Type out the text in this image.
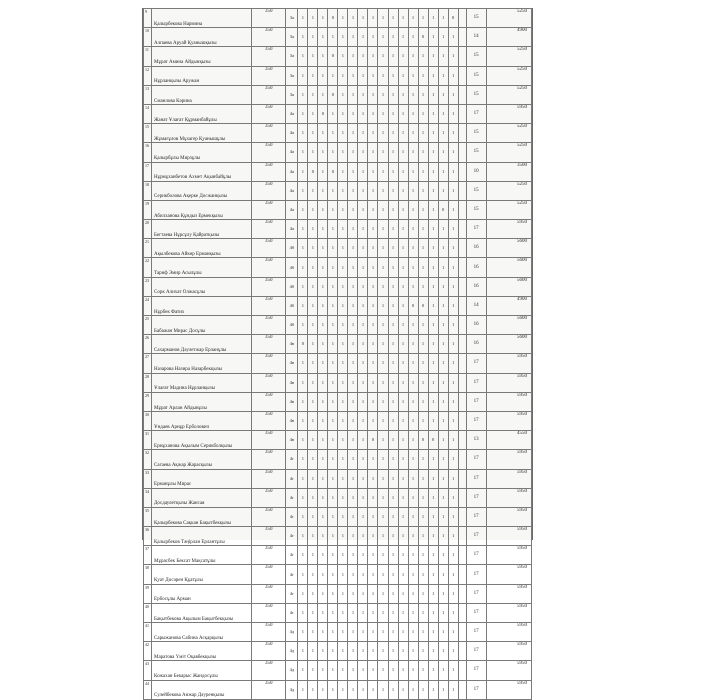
9	Қалырбекова Нармина	350	3а	1	1	1	0	1	1	1	1	1	1	1	1	1	1	1	0		15	5250
10	Алпаева Аруай Қуанышқызы	350	3а	1	1	1	1	1	1	1	1	1	1	1	1	0	1	1	1		14	4900
11	Мұрат Амина Айдынқызы	350	3а	1	1	1	0	1	1	1	1	1	1	1	1	1	1	1	1		15	5250
12	Нұрланқызы Аружан	350	3а	1	1	1	1	1	1	1	1	1	1	1	1	1	1	1	1		15	5250
13	Сманлова Кәрина	350	3а	1	1	1	0	1	1	1	1	1	1	1	1	1	1	1	1		15	5250
14	Жанат Ұлағат Құрманбайұлы	350	4а	1	1	0	1	1	1	1	1	1	1	1	1	1	1	1	1		17	5950
15	Жұмағұлов Мұхагер Қуанышұлы	350	4а	1	1	1	1	1	1	1	1	1	1	1	1	1	1	1	1		15	5250
16	Қалырбұлы Мирзұлы	350	4а	1	1	1	1	1	1	1	1	1	1	1	1	1	1	1	1		15	5250
17	Нұрмұханбетов Ахмет Ақынбайұлы	350	4а	1	0	1	0	1	1	1	1	1	1	1	1	1	1	1	1		10	3500
18	Серикболова Ақерке Досжанқызы	350	4а	1	1	1	1	1	1	1	1	1	1	1	1	1	1	1	1		15	5250
19	Абилханова Құндыз Ермекқызы	350	4а	1	1	1	1	1	1	1	1	1	1	1	1	1	1	0	1		15	5250
20	Бегтаева Нұрсұлу Қайратқызы	350	4а	1	1	1	1	1	1	1	1	1	1	1	1	1	1	1	1		17	5950
21	Ақылбекова Айкөр Ерманқызы	350	4б	1	1	1	1	1	1	1	1	1	1	1	1	1	1	1	1		16	5600
22	Тариф Эмир Асылұлы	350	4б	1	1	1	1	1	1	1	1	1	1	1	1	1	1	1	1		16	5600
23	Сорк Алихат Олжасұлы	350	4б	1	1	1	1	1	1	1	1	1	1	1	1	1	1	1	1		16	5600
24	Нұрбек Фатих	350	4б	1	1	1	1	1	1	1	1	1	1	1	0	0	1	1	1		14	4900
25	Бабажан Мирас Досұлы	350	4б	1	1	1	1	1	1	1	1	1	1	1	1	1	1	1	1		16	5600
26	Сахарманов Дәулетжар Ерланұлы	350	4в	0	1	1	1	1	1	1	1	1	1	1	1	1	1	1	1		16	5600
27	Назарова Назира Назарбекқызы	350	4в	1	1	1	1	1	1	1	1	1	1	1	1	1	1	1	1		17	5950
28	Ұлағат Мадина Нұрланқызы	350	4в	1	1	1	1	1	1	1	1	1	1	1	1	1	1	1	1		17	5950
29	Мұрат Арлан Айдынұлы	350	4в	1	1	1	1	1	1	1	1	1	1	1	1	1	1	1	1		17	5950
30	Ұндаев Арнұр Ерболович	350	4в	1	1	1	1	1	1	1	1	1	1	1	1	1	1	1	1		17	5950
31	Ермұханова Ақылым Серикболқызы	350	4в	1	1	1	1	1	1	1	0	1	1	1	1	0	0	1	1		13	4550
32	Сагаева Ақжар Жарасқызы	350	4г	1	1	1	1	1	1	1	1	1	1	1	1	1	1	1	1		17	5950
33	Ерманұлы Мирас	350	4г	1	1	1	1	1	1	1	1	1	1	1	1	1	1	1	1		17	5950
34	Досдаулетқызы Жансая	350	4г	1	1	1	1	1	1	1	1	1	1	1	1	1	1	1	1		17	5950
35	Қалырбекова Сақкан Бақытбекқызы	350	4г	1	1	1	1	1	1	1	1	1	1	1	1	1	1	1	1		17	5950
36	Қалырбеков Тәңірлан Ерлантұлы	350	4г	1	1	1	1	1	1	1	1	1	1	1	1	1	1	1	1		17	5950
37	Мұрасбек Бексат Мақсатұлы	350	4г	1	1	1	1	1	1	1	1	1	1	1	1	1	1	1	1		17	5950
38	Қуат Досәрен Құатұлы	350	4г	1	1	1	1	1	1	1	1	1	1	1	1	1	1	1	1		17	5950
39	Ербосұлы Арман	350	4г	1	1	1	1	1	1	1	1	1	1	1	1	1	1	1	1		17	5950
40	Бақытбекова Ақылым Бақытбекқызы	350	4г	1	1	1	1	1	1	1	1	1	1	1	1	1	1	1	1		17	5950
41	Сарыжанова Сабина Асқарқызы	350	4д	1	1	1	1	1	1	1	1	1	1	1	1	1	1	1	1		17	5950
42	Маратова Үміт Оқавбекқызы	350	4д	1	1	1	1	1	1	1	1	1	1	1	1	1	1	1	1		17	5950
43	Кожахан Бекарыс Жандосұлы	350	4д	1	1	1	1	1	1	1	1	1	1	1	1	1	1	1	1		17	5950
44	Сулейбекова Анжар Дәуренқызы	350	4д	1	1	1	1	1	1	1	1	1	1	1	1	1	1	1	1		17	5950
